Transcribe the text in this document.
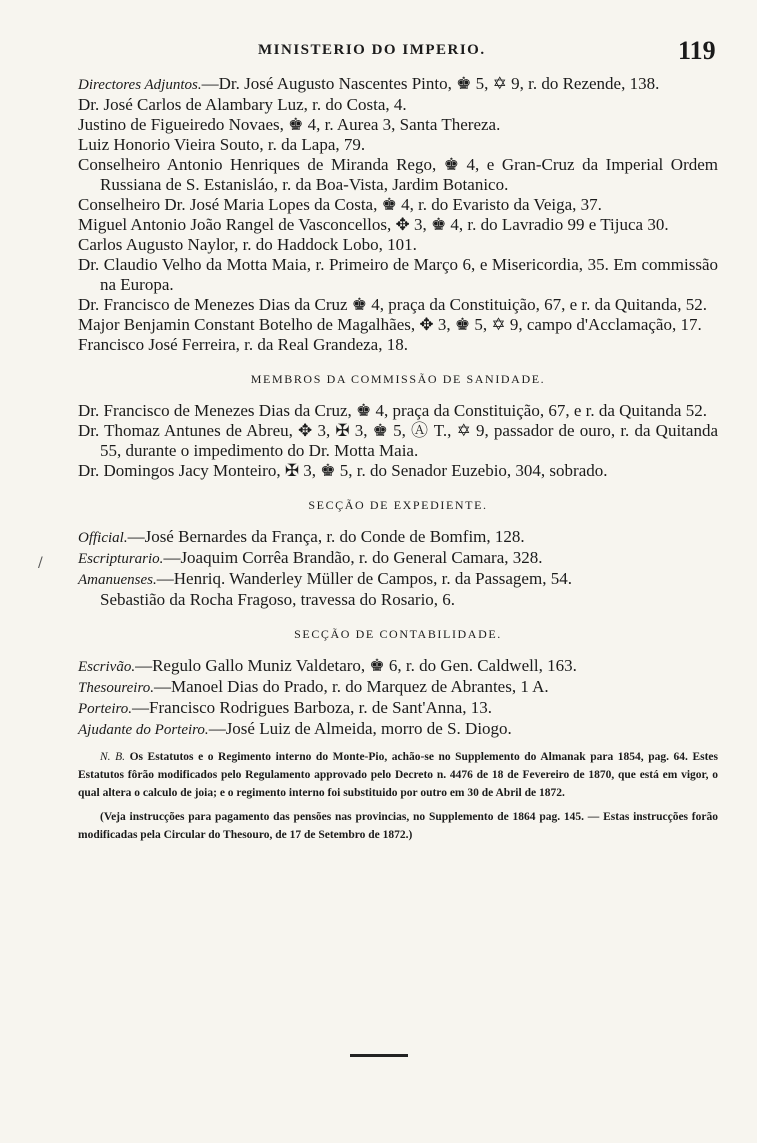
MINISTERIO DO IMPERIO.	119

Directores Adjuntos.—Dr. José Augusto Nascentes Pinto, ♚ 5, ✡ 9, r. do Rezende, 138.

Dr. José Carlos de Alambary Luz, r. do Costa, 4.

Justino de Figueiredo Novaes, ♚ 4, r. Aurea 3, Santa Thereza.

Luiz Honorio Vieira Souto, r. da Lapa, 79.

Conselheiro Antonio Henriques de Miranda Rego, ♚ 4, e Gran-Cruz da Imperial Ordem Russiana de S. Estanisláo, r. da Boa-Vista, Jardim Botanico.

Conselheiro Dr. José Maria Lopes da Costa, ♚ 4, r. do Evaristo da Veiga, 37.

Miguel Antonio João Rangel de Vasconcellos, ✥ 3, ♚ 4, r. do Lavradio 99 e Tijuca 30.

Carlos Augusto Naylor, r. do Haddock Lobo, 101.

Dr. Claudio Velho da Motta Maia, r. Primeiro de Março 6, e Misericordia, 35. Em commissão na Europa.

Dr. Francisco de Menezes Dias da Cruz ♚ 4, praça da Constituição, 67, e r. da Quitanda, 52.

Major Benjamin Constant Botelho de Magalhães, ✥ 3, ♚ 5, ✡ 9, campo d'Acclamação, 17.

Francisco José Ferreira, r. da Real Grandeza, 18.

MEMBROS DA COMMISSÃO DE SANIDADE.

Dr. Francisco de Menezes Dias da Cruz, ♚ 4, praça da Constituição, 67, e r. da Quitanda 52.

Dr. Thomaz Antunes de Abreu, ✥ 3, ✠ 3, ♚ 5, Ⓐ T., ✡ 9, passador de ouro, r. da Quitanda 55, durante o impedimento do Dr. Motta Maia.

Dr. Domingos Jacy Monteiro, ✠ 3, ♚ 5, r. do Senador Euzebio, 304, sobrado.

SECÇÃO DE EXPEDIENTE.

Official.—José Bernardes da França, r. do Conde de Bomfim, 128.

Escripturario.—Joaquim Corrêa Brandão, r. do General Camara, 328.

Amanuenses.—Henriq. Wanderley Müller de Campos, r. da Passagem, 54.

Sebastião da Rocha Fragoso, travessa do Rosario, 6.

SECÇÃO DE CONTABILIDADE.

Escrivão.—Regulo Gallo Muniz Valdetaro, ♚ 6, r. do Gen. Caldwell, 163.

Thesoureiro.—Manoel Dias do Prado, r. do Marquez de Abrantes, 1 A.

Porteiro.—Francisco Rodrigues Barboza, r. de Sant'Anna, 13.

Ajudante do Porteiro.—José Luiz de Almeida, morro de S. Diogo.

N. B. Os Estatutos e o Regimento interno do Monte-Pio, achão-se no Supplemento do Almanak para 1854, pag. 64. Estes Estatutos fôrão modificados pelo Regulamento approvado pelo Decreto n. 4476 de 18 de Fevereiro de 1870, que está em vigor, o qual altera o calculo de joia; e o regimento interno foi substituido por outro em 30 de Abril de 1872.

(Veja instrucções para pagamento das pensões nas provincias, no Supplemento de 1864 pag. 145. — Estas instrucções forão modificadas pela Circular do Thesouro, de 17 de Setembro de 1872.)

/
